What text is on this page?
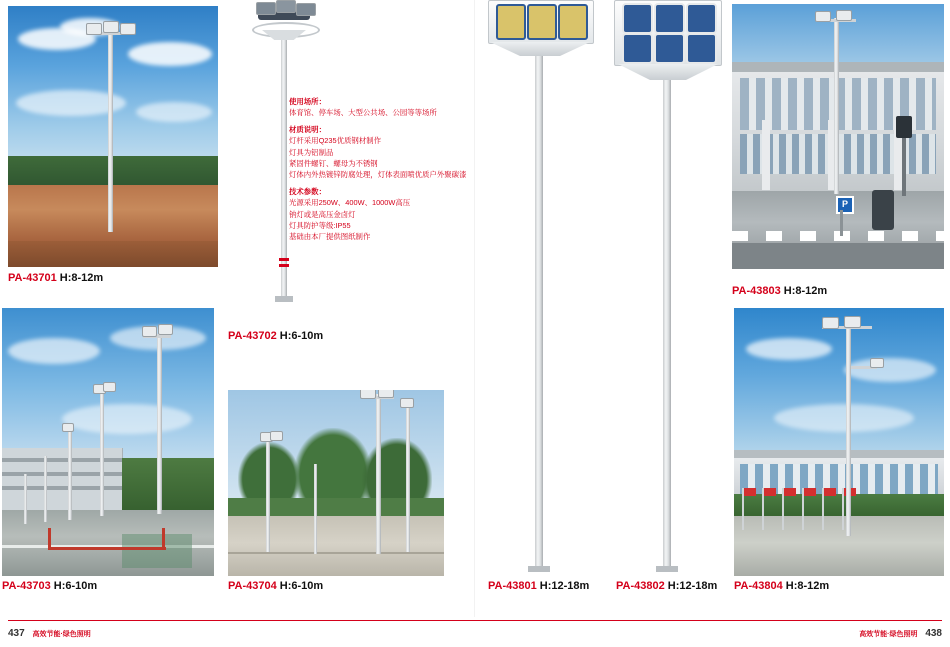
PA-43701 H:8-12m
PA-43702 H:6-10m

使用场所：

体育馆、停车场、大型公共场、公园等等场所

材质说明：

灯杆采用Q235优质钢材制作

灯具为铝制品

紧固件螺钉、螺母为不锈钢

灯体内外热镀锌防腐处理，灯体表面喷优质户外聚碳漆

技术参数：

光源采用250W、400W、1000W高压

钠灯或是高压金卤灯

灯具防护等级:IP55

基础由本厂提供图纸制作

PA-43703 H:6-10m	PA-43704 H:6-10m	PA-43801 H:12-18m PA-43802 H:12-18m
P
PA-43803 H:8-12m
PA-43804 H:8-12m
437 高效节能·绿色照明	高效节能·绿色照明 438
